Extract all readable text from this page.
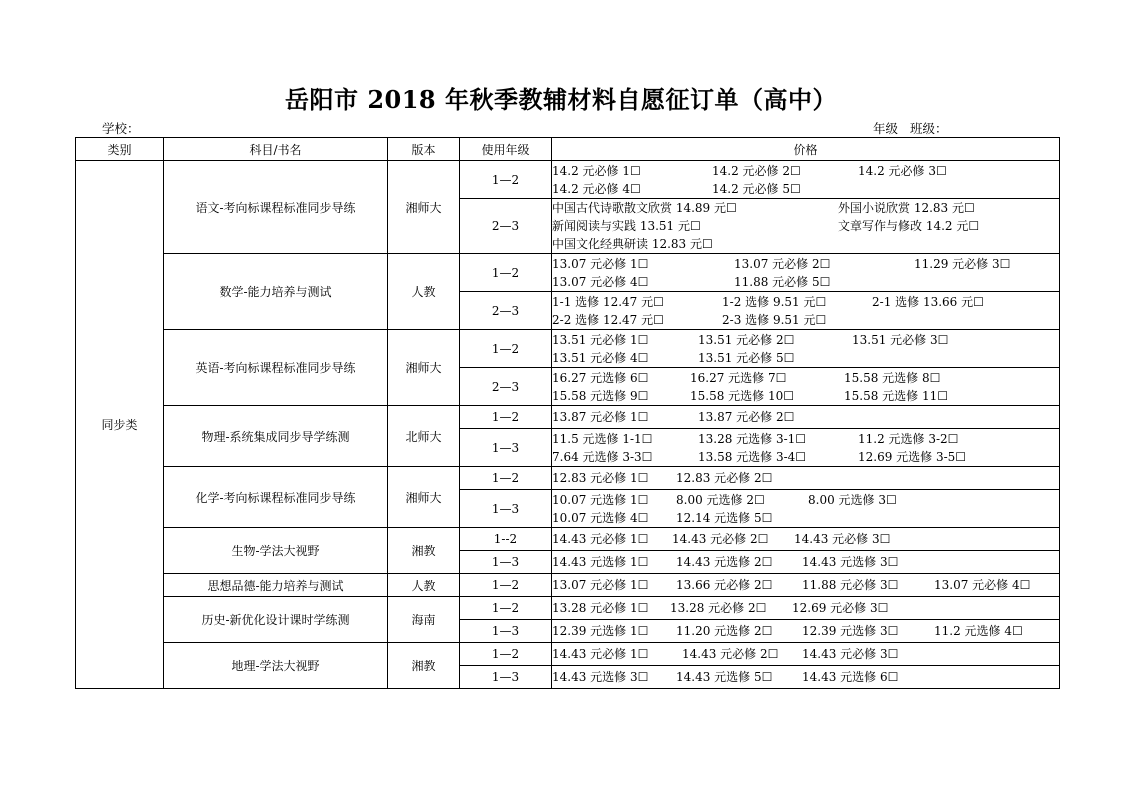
岳阳市 2018 年秋季教辅材料自愿征订单（高中）
学校：	年级 班级：
类别	科目/书名	版本	使用年级	价格
同步类	语文-考向标课程标准同步导练	湘师大	1—2	14.2 元必修 1☐ 14.2 元必修 2☐ 14.2 元必修 3☐
14.2 元必修 4☐ 14.2 元必修 5☐

			2—3	中国古代诗歌散文欣赏 14.89 元☐ 外国小说欣赏 12.83 元☐
新闻阅读与实践 13.51 元☐ 文章写作与修改 14.2 元☐
中国文化经典研读 12.83 元☐

	数学-能力培养与测试	人教	1—2	13.07 元必修 1☐ 13.07 元必修 2☐ 11.29 元必修 3☐
13.07 元必修 4☐ 11.88 元必修 5☐

			2—3	1-1 选修 12.47 元☐ 1-2 选修 9.51 元☐ 2-1 选修 13.66 元☐
2-2 选修 12.47 元☐ 2-3 选修 9.51 元☐

	英语-考向标课程标准同步导练	湘师大	1—2	13.51 元必修 1☐ 13.51 元必修 2☐ 13.51 元必修 3☐
13.51 元必修 4☐ 13.51 元必修 5☐

			2—3	16.27 元选修 6☐ 16.27 元选修 7☐ 15.58 元选修 8☐
15.58 元选修 9☐ 15.58 元选修 10☐ 15.58 元选修 11☐

	物理-系统集成同步导学练测	北师大	1—2	13.87 元必修 1☐ 13.87 元必修 2☐

			1—3	11.5 元选修 1-1☐ 13.28 元选修 3-1☐ 11.2 元选修 3-2☐
7.64 元选修 3-3☐ 13.58 元选修 3-4☐ 12.69 元选修 3-5☐

	化学-考向标课程标准同步导练	湘师大	1—2	12.83 元必修 1☐ 12.83 元必修 2☐

			1—3	10.07 元选修 1☐ 8.00 元选修 2☐ 8.00 元选修 3☐
10.07 元选修 4☐ 12.14 元选修 5☐

	生物-学法大视野	湘教	1--2	14.43 元必修 1☐ 14.43 元必修 2☐ 14.43 元必修 3☐

			1—3	14.43 元选修 1☐ 14.43 元选修 2☐ 14.43 元选修 3☐

	思想品德-能力培养与测试	人教	1—2	13.07 元必修 1☐ 13.66 元必修 2☐ 11.88 元必修 3☐ 13.07 元必修 4☐

	历史-新优化设计课时学练测	海南	1—2	13.28 元必修 1☐ 13.28 元必修 2☐ 12.69 元必修 3☐

			1—3	12.39 元选修 1☐ 11.20 元选修 2☐ 12.39 元选修 3☐ 11.2 元选修 4☐

	地理-学法大视野	湘教	1—2	14.43 元必修 1☐ 14.43 元必修 2☐ 14.43 元必修 3☐

			1—3	14.43 元选修 3☐ 14.43 元选修 5☐ 14.43 元选修 6☐
